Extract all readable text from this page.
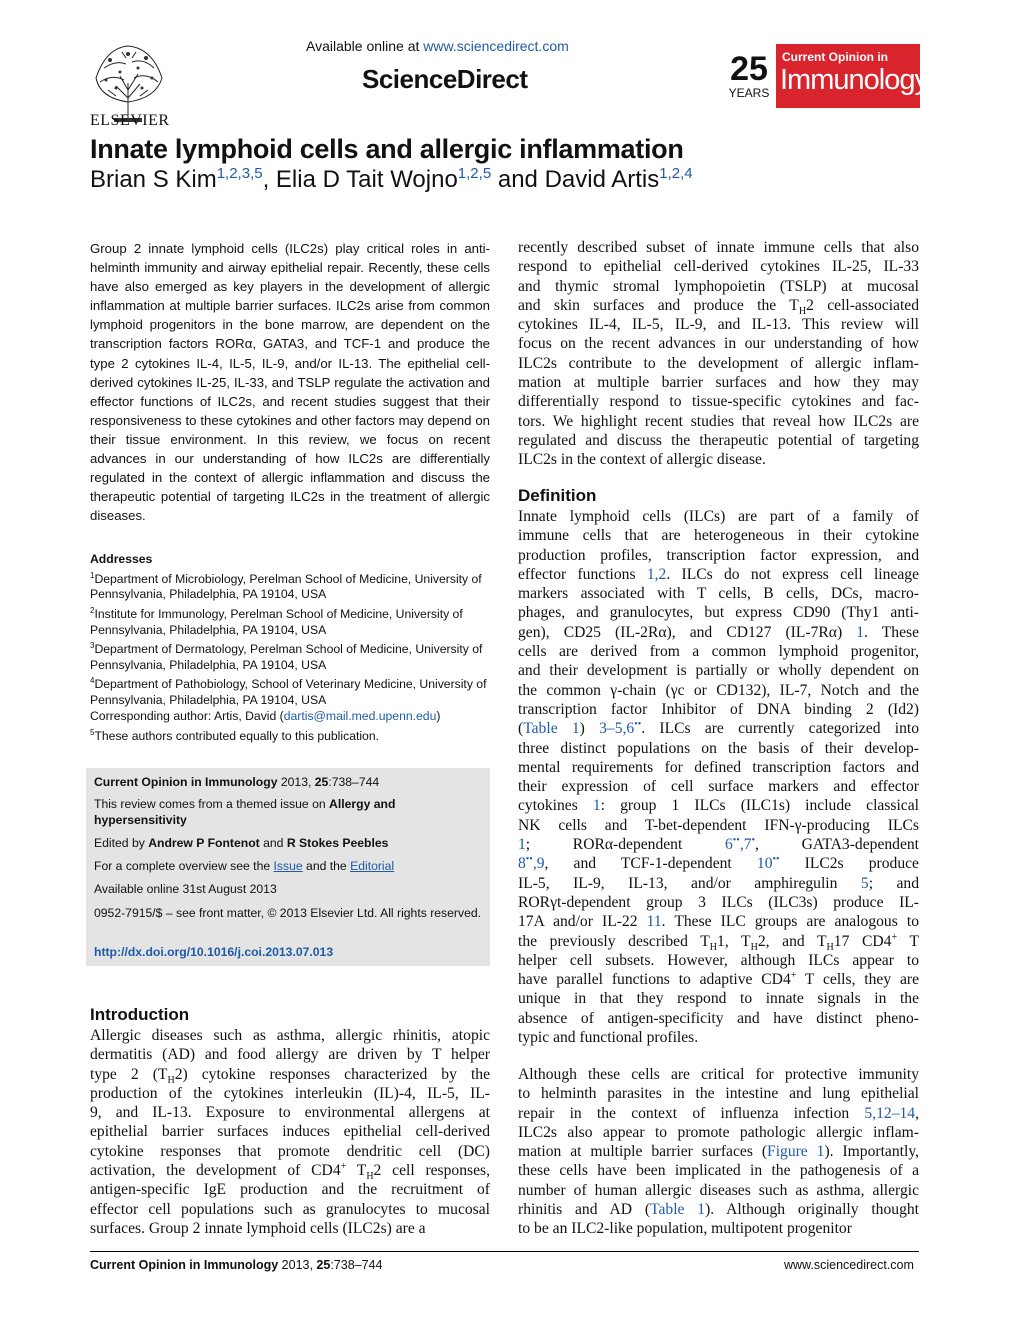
ELSEVIER
Available online at www.sciencedirect.com
ScienceDirect	25
YEARS
Current Opinion in
Immunology
Innate lymphoid cells and allergic inflammation
Brian S Kim$^{1,2,3,5}$, Elia D Tait Wojno$^{1,2,5}$ and David Artis$^{1,2,4}$
Group 2 innate lymphoid cells (ILC2s) play critical roles in anti-helminth immunity and airway epithelial repair. Recently, these cells have also emerged as key players in the development of allergic inflammation at multiple barrier surfaces. ILC2s arise from common lymphoid progenitors in the bone marrow, are dependent on the transcription factors RORα, GATA3, and TCF-1 and produce the type 2 cytokines IL-4, IL-5, IL-9, and/or IL-13. The epithelial cell-derived cytokines IL-25, IL-33, and TSLP regulate the activation and effector functions of ILC2s, and recent studies suggest that their responsiveness to these cytokines and other factors may depend on their tissue environment. In this review, we focus on recent advances in our understanding of how ILC2s are differentially regulated in the context of allergic inflammation and discuss the therapeutic potential of targeting ILC2s in the treatment of allergic diseases.
Addresses
$^1$Department of Microbiology, Perelman School of Medicine, University of Pennsylvania, Philadelphia, PA 19104, USA
$^2$Institute for Immunology, Perelman School of Medicine, University of Pennsylvania, Philadelphia, PA 19104, USA
$^3$Department of Dermatology, Perelman School of Medicine, University of Pennsylvania, Philadelphia, PA 19104, USA
$^4$Department of Pathobiology, School of Veterinary Medicine, University of Pennsylvania, Philadelphia, PA 19104, USA
Corresponding author: Artis, David (dartis@mail.med.upenn.edu)
$^5$These authors contributed equally to this publication.
Current Opinion in Immunology 2013, 25:738–744
This review comes from a themed issue on Allergy and hypersensitivity
Edited by Andrew P Fontenot and R Stokes Peebles
For a complete overview see the Issue and the Editorial
Available online 31st August 2013
0952-7915/$ – see front matter, © 2013 Elsevier Ltd. All rights reserved.
http://dx.doi.org/10.1016/j.coi.2013.07.013
Introduction
Allergic diseases such as asthma, allergic rhinitis, atopic
dermatitis (AD) and food allergy are driven by T helper
type 2 $(T_H2)$ cytokine responses characterized by the
production of the cytokines interleukin (IL)-4, IL-5, IL-
9, and IL-13. Exposure to environmental allergens at
epithelial barrier surfaces induces epithelial cell-derived
cytokine responses that promote dendritic cell (DC)
activation, the development of CD4+ $T_H2$ cell responses,
antigen-specific IgE production and the recruitment of
effector cell populations such as granulocytes to mucosal
surfaces. Group 2 innate lymphoid cells (ILC2s) are a
recently described subset of innate immune cells that also
respond to epithelial cell-derived cytokines IL-25, IL-33
and thymic stromal lymphopoietin (TSLP) at mucosal
and skin surfaces and produce the $T_H2$ cell-associated
cytokines IL-4, IL-5, IL-9, and IL-13. This review will
focus on the recent advances in our understanding of how
ILC2s contribute to the development of allergic inflam-
mation at multiple barrier surfaces and how they may
differentially respond to tissue-specific cytokines and fac-
tors. We highlight recent studies that reveal how ILC2s are
regulated and discuss the therapeutic potential of targeting
ILC2s in the context of allergic disease.
Definition
Innate lymphoid cells (ILCs) are part of a family of
immune cells that are heterogeneous in their cytokine
production profiles, transcription factor expression, and
effector functions 1,2. ILCs do not express cell lineage
markers associated with T cells, B cells, DCs, macro-
phages, and granulocytes, but express CD90 (Thy1 anti-
gen), CD25 (IL-2Rα), and CD127 (IL-7Rα) 1. These
cells are derived from a common lymphoid progenitor,
and their development is partially or wholly dependent on
the common γ-chain (γc or CD132), IL-7, Notch and the
transcription factor Inhibitor of DNA binding 2 (Id2)
(Table 1) 3–5,6••. ILCs are currently categorized into
three distinct populations on the basis of their develop-
mental requirements for defined transcription factors and
their expression of cell surface markers and effector
cytokines 1: group 1 ILCs (ILC1s) include classical
NK cells and T-bet-dependent IFN-γ-producing ILCs
1; RORα-dependent 6••,7•, GATA3-dependent
8••,9, and TCF-1-dependent 10•• ILC2s produce
IL-5, IL-9, IL-13, and/or amphiregulin 5; and
RORγt-dependent group 3 ILCs (ILC3s) produce IL-
17A and/or IL-22 11. These ILC groups are analogous to
the previously described $T_H1$, $T_H2$, and $T_H17$ CD4+ T
helper cell subsets. However, although ILCs appear to
have parallel functions to adaptive CD4+ T cells, they are
unique in that they respond to innate signals in the
absence of antigen-specificity and have distinct pheno-
typic and functional profiles.
Although these cells are critical for protective immunity
to helminth parasites in the intestine and lung epithelial
repair in the context of influenza infection 5,12–14,
ILC2s also appear to promote pathologic allergic inflam-
mation at multiple barrier surfaces (Figure 1). Importantly,
these cells have been implicated in the pathogenesis of a
number of human allergic diseases such as asthma, allergic
rhinitis and AD (Table 1). Although originally thought
to be an ILC2-like population, multipotent progenitor
Current Opinion in Immunology 2013, 25:738–744	www.sciencedirect.com
